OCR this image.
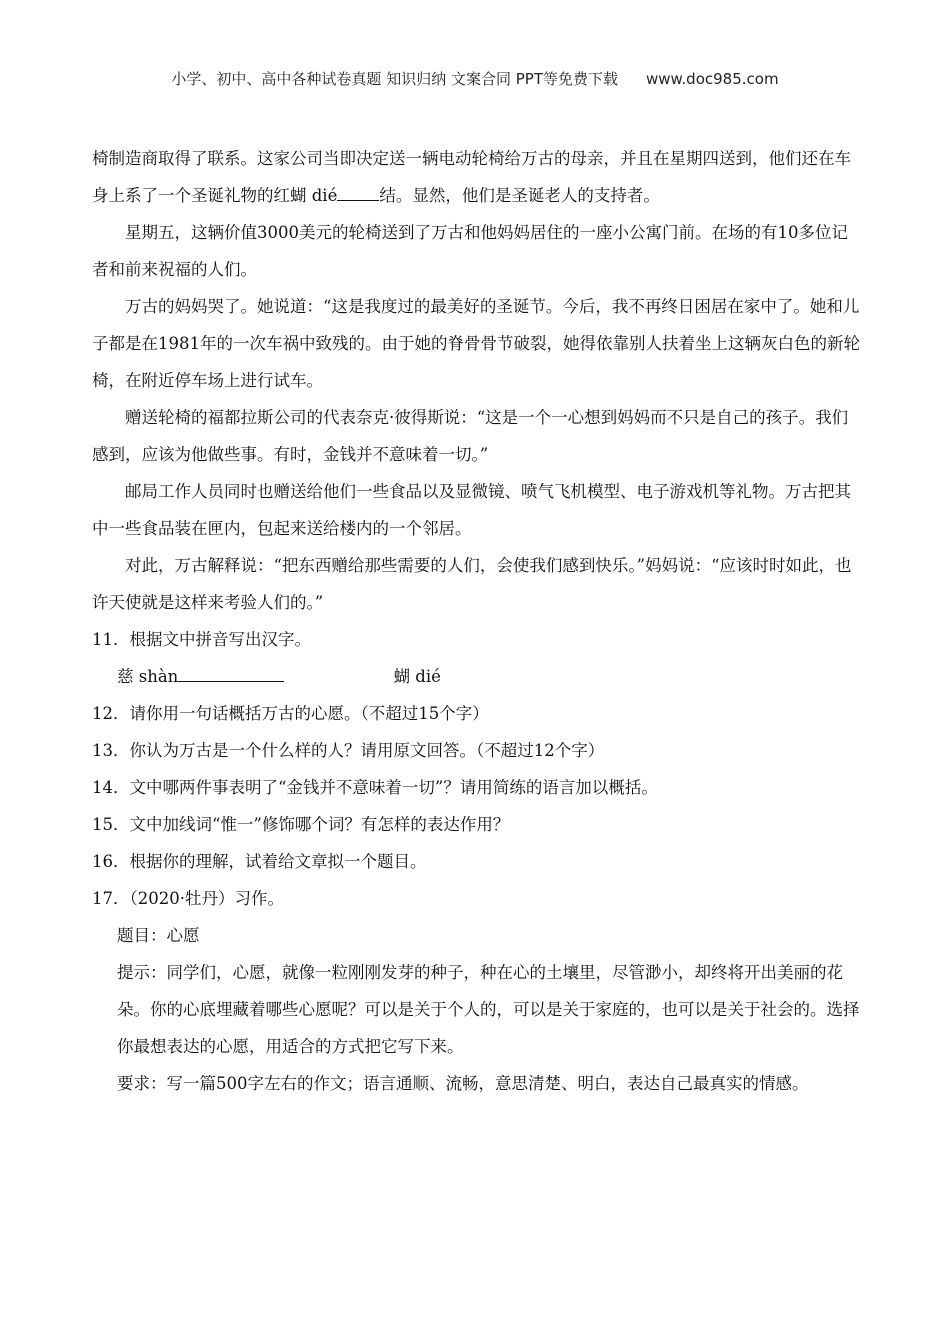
小学、初中、高中各种试卷真题 知识归纳 文案合同 PPT等免费下载 www.doc985.com

椅制造商取得了联系。这家公司当即决定送一辆电动轮椅给万古的母亲，并且在星期四送到，他们还在车身上系了一个圣诞礼物的红蝴 dié	结。显然，他们是圣诞老人的支持者。

星期五，这辆价值3000美元的轮椅送到了万古和他妈妈居住的一座小公寓门前。在场的有10多位记者和前来祝福的人们。

万古的妈妈哭了。她说道：“这是我度过的最美好的圣诞节。今后，我不再终日困居在家中了。她和儿子都是在1981年的一次车祸中致残的。由于她的脊骨骨节破裂，她得依靠别人扶着坐上这辆灰白色的新轮椅，在附近停车场上进行试车。

赠送轮椅的福都拉斯公司的代表奈克·彼得斯说：“这是一个一心想到妈妈而不只是自己的孩子。我们感到，应该为他做些事。有时，金钱并不意味着一切。”

邮局工作人员同时也赠送给他们一些食品以及显微镜、喷气飞机模型、电子游戏机等礼物。万古把其中一些食品装在匣内，包起来送给楼内的一个邻居。

对此，万古解释说：“把东西赠给那些需要的人们，会使我们感到快乐。”妈妈说：“应该时时如此，也许天使就是这样来考验人们的。”

11．根据文中拼音写出汉字。

慈 shàn	蝴 dié

12．请你用一句话概括万古的心愿。（不超过15个字）

13．你认为万古是一个什么样的人？请用原文回答。（不超过12个字）

14．文中哪两件事表明了“金钱并不意味着一切”？请用简练的语言加以概括。

15．文中加线词“惟一”修饰哪个词？有怎样的表达作用？

16．根据你的理解，试着给文章拟一个题目。

17．（2020·牡丹）习作。

题目：心愿

提示：同学们，心愿，就像一粒刚刚发芽的种子，种在心的土壤里，尽管渺小，却终将开出美丽的花朵。你的心底埋藏着哪些心愿呢？可以是关于个人的，可以是关于家庭的，也可以是关于社会的。选择你最想表达的心愿，用适合的方式把它写下来。

要求：写一篇500字左右的作文；语言通顺、流畅，意思清楚、明白，表达自己最真实的情感。
